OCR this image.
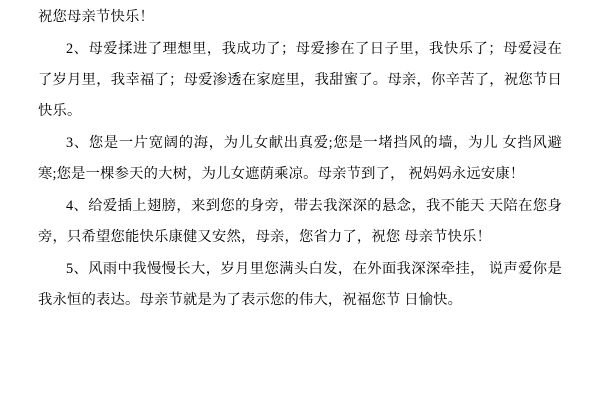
祝您母亲节快乐！

2、母爱揉进了理想里，我成功了；母爱掺在了日子里，我快乐了；母爱浸在了岁月里，我幸福了；母爱渗透在家庭里，我甜蜜了。母亲，你辛苦了，祝您节日快乐。

3、您是一片宽阔的海，为儿女献出真爱;您是一堵挡风的墙，为儿 女挡风避寒;您是一棵参天的大树，为儿女遮荫乘凉。母亲节到了， 祝妈妈永远安康！

4、给爱插上翅膀，来到您的身旁，带去我深深的悬念，我不能天 天陪在您身旁，只希望您能快乐康健又安然，母亲，您省力了，祝您 母亲节快乐！

5、风雨中我慢慢长大，岁月里您满头白发，在外面我深深牵挂， 说声爱你是我永恒的表达。母亲节就是为了表示您的伟大，祝福您节 日愉快。
